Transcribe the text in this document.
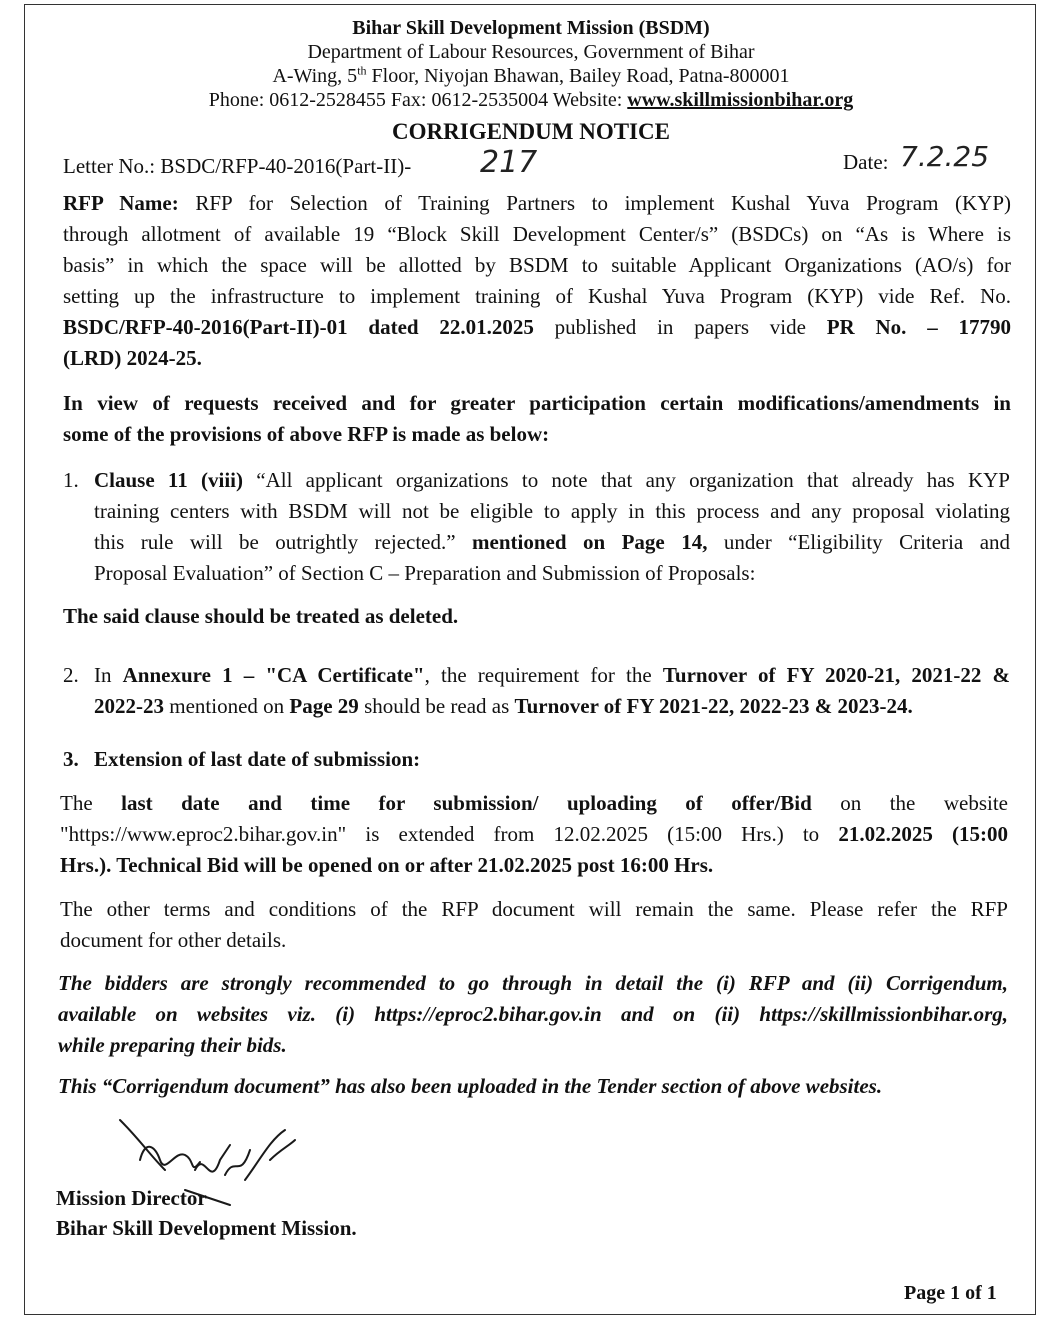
Bihar Skill Development Mission (BSDM)
Department of Labour Resources, Government of Bihar
A-Wing, 5th Floor, Niyojan Bhawan, Bailey Road, Patna-800001
Phone: 0612-2528455 Fax: 0612-2535004 Website: www.skillmissionbihar.org
CORRIGENDUM NOTICE
Letter No.: BSDC/RFP-40-2016(Part-II)- 217	Date: 7.2.25
RFP Name: RFP for Selection of Training Partners to implement Kushal Yuva Program (KYP)
through allotment of available 19 “Block Skill Development Center/s” (BSDCs) on “As is Where is
basis” in which the space will be allotted by BSDM to suitable Applicant Organizations (AO/s) for
setting up the infrastructure to implement training of Kushal Yuva Program (KYP) vide Ref. No.
BSDC/RFP-40-2016(Part-II)-01 dated 22.01.2025 published in papers vide PR No. – 17790
(LRD) 2024-25.
In view of requests received and for greater participation certain modifications/amendments in
some of the provisions of above RFP is made as below:
1. Clause 11 (viii) “All applicant organizations to note that any organization that already has KYP
training centers with BSDM will not be eligible to apply in this process and any proposal violating
this rule will be outrightly rejected.” mentioned on Page 14, under “Eligibility Criteria and
Proposal Evaluation” of Section C – Preparation and Submission of Proposals:
The said clause should be treated as deleted.
2. In Annexure 1 – "CA Certificate", the requirement for the Turnover of FY 2020-21, 2021-22 &
2022-23 mentioned on Page 29 should be read as Turnover of FY 2021-22, 2022-23 & 2023-24.
3. Extension of last date of submission:
The last date and time for submission/ uploading of offer/Bid on the website
"https://www.eproc2.bihar.gov.in" is extended from 12.02.2025 (15:00 Hrs.) to 21.02.2025 (15:00
Hrs.). Technical Bid will be opened on or after 21.02.2025 post 16:00 Hrs.
The other terms and conditions of the RFP document will remain the same. Please refer the RFP
document for other details.
The bidders are strongly recommended to go through in detail the (i) RFP and (ii) Corrigendum,
available on websites viz. (i) https://eproc2.bihar.gov.in and on (ii) https://skillmissionbihar.org,
while preparing their bids.
This “Corrigendum document” has also been uploaded in the Tender section of above websites.
Mission Director
Bihar Skill Development Mission.
Page 1 of 1
